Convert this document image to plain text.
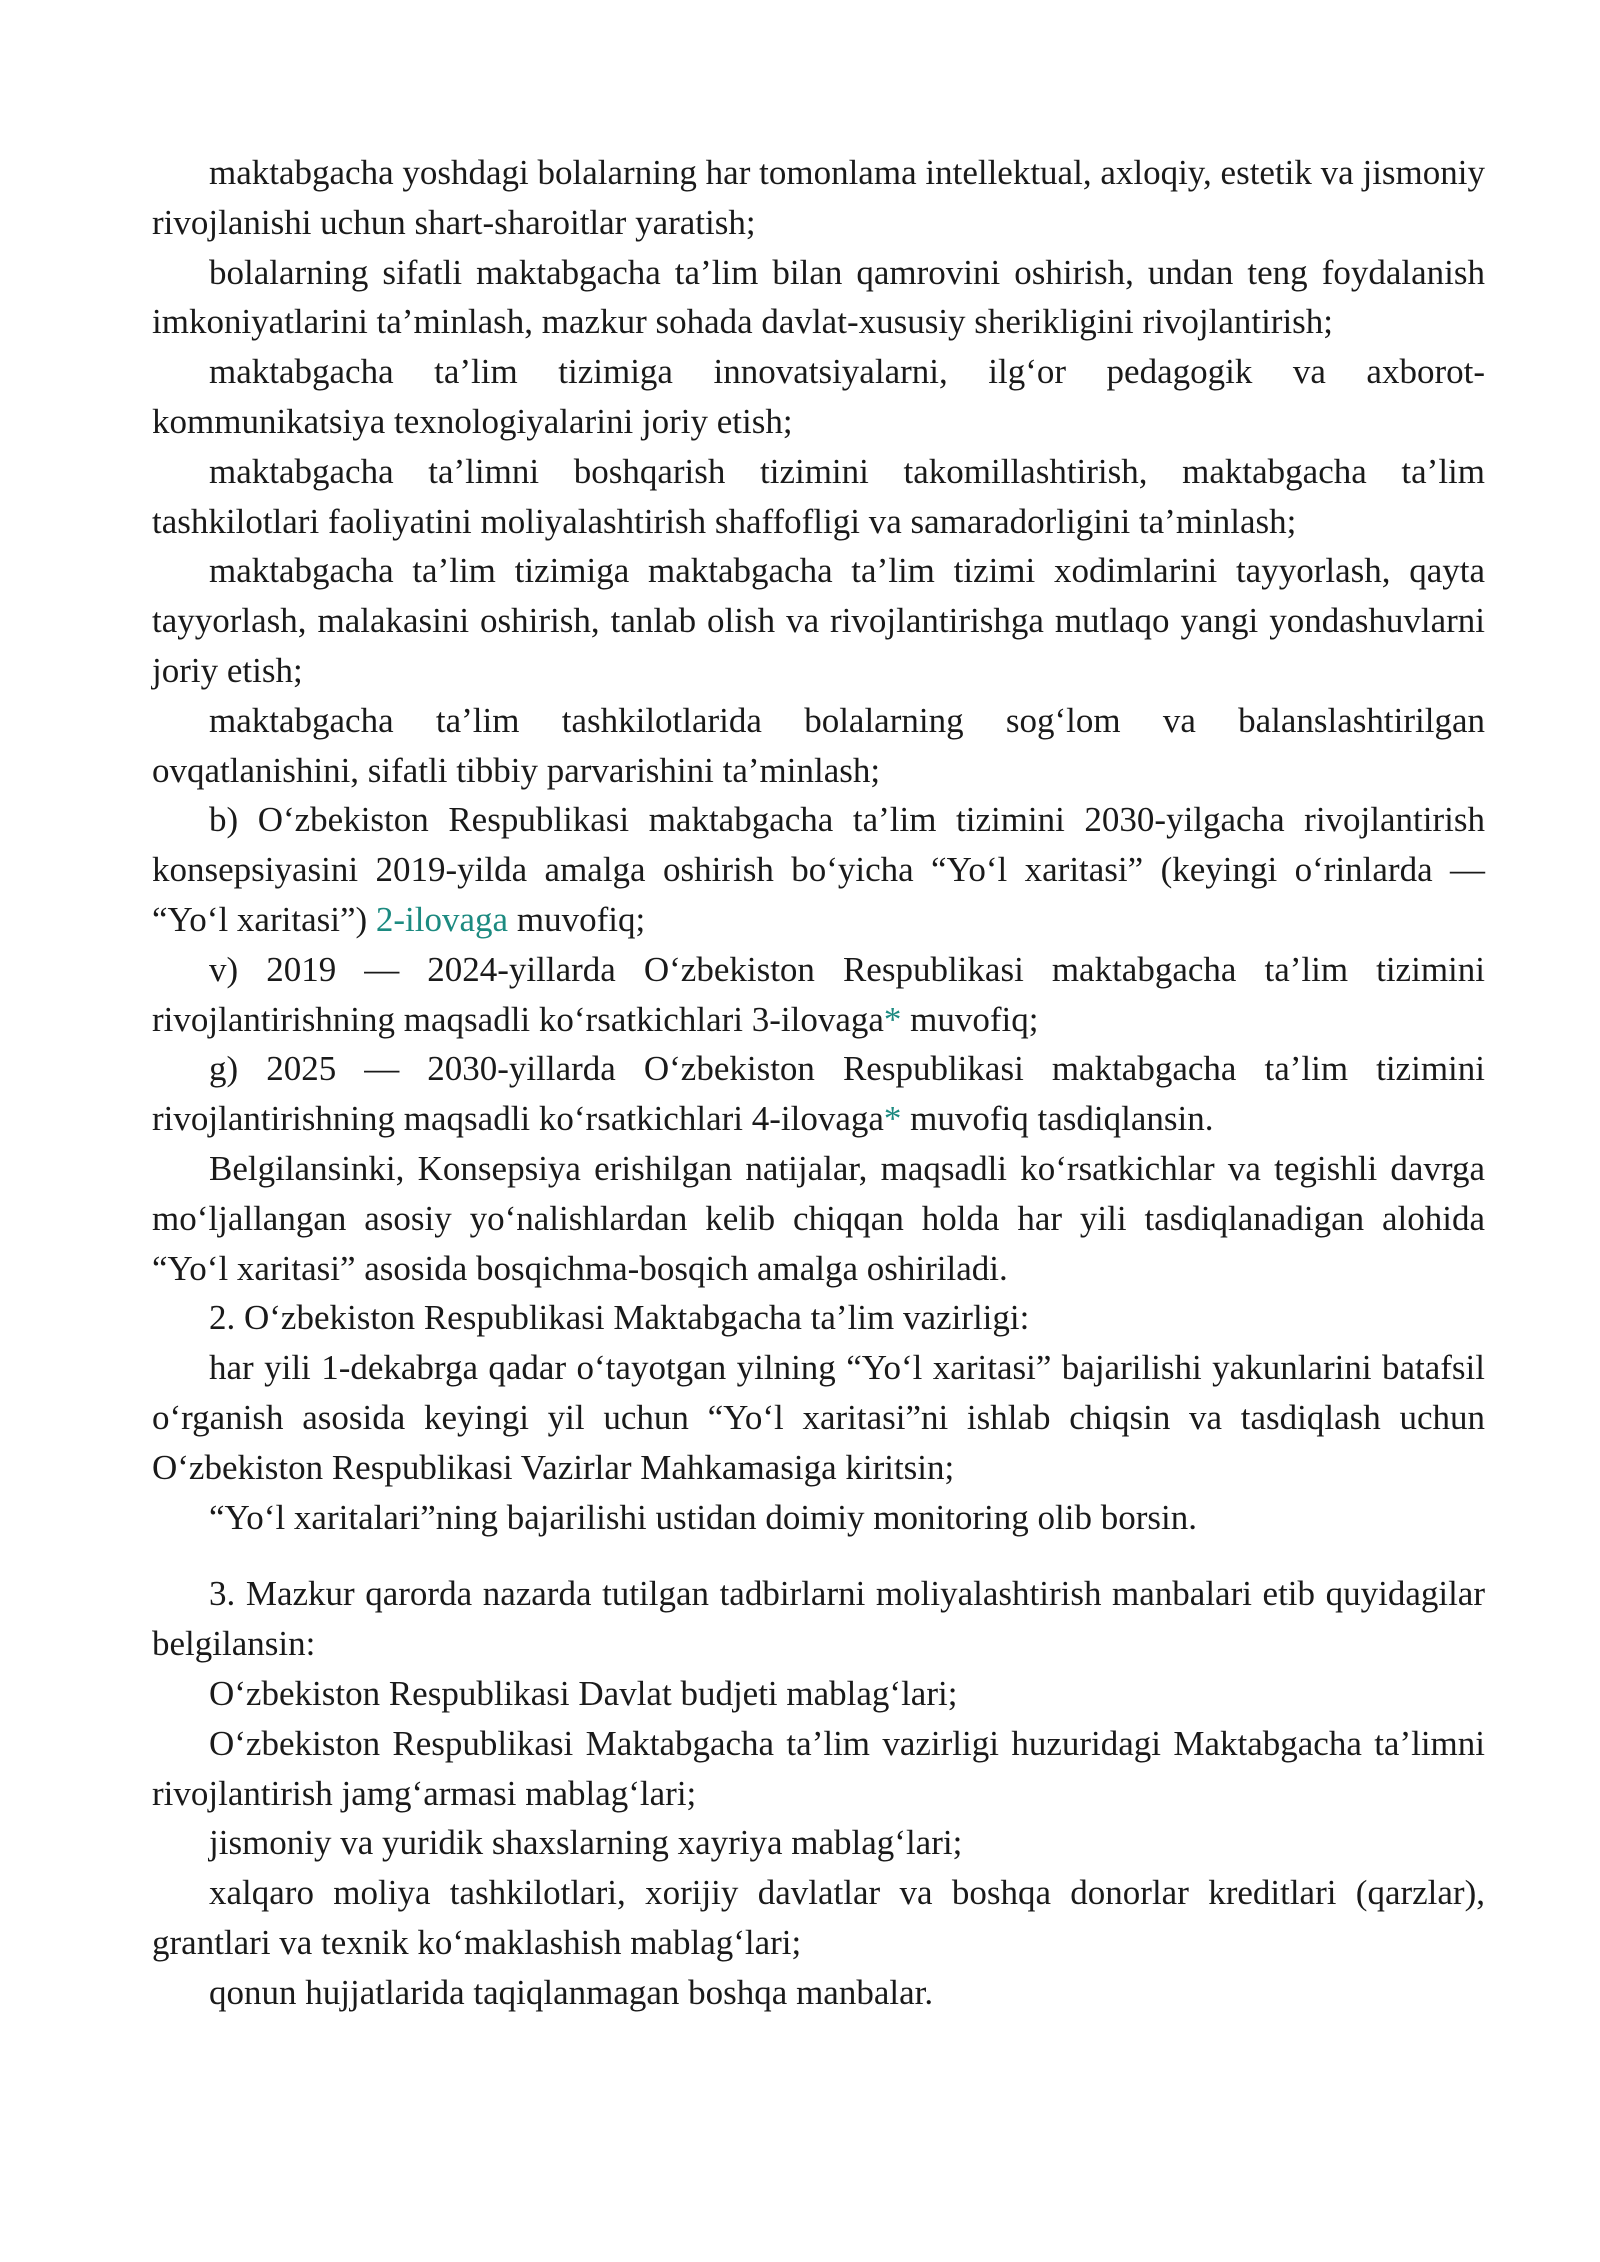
maktabgacha yoshdagi bolalarning har tomonlama intellektual, axloqiy, estetik va jismoniy rivojlanishi uchun shart-sharoitlar yaratish;

bolalarning sifatli maktabgacha ta’lim bilan qamrovini oshirish, undan teng foydalanish imkoniyatlarini ta’minlash, mazkur sohada davlat-xususiy sherikligini rivojlantirish;

maktabgacha ta’lim tizimiga innovatsiyalarni, ilg‘or pedagogik va axborot-kommunikatsiya texnologiyalarini joriy etish;

maktabgacha ta’limni boshqarish tizimini takomillashtirish, maktabgacha ta’lim tashkilotlari faoliyatini moliyalashtirish shaffofligi va samaradorligini ta’minlash;

maktabgacha ta’lim tizimiga maktabgacha ta’lim tizimi xodimlarini tayyorlash, qayta tayyorlash, malakasini oshirish, tanlab olish va rivojlantirishga mutlaqo yangi yondashuvlarni joriy etish;

maktabgacha ta’lim tashkilotlarida bolalarning sog‘lom va balanslashtirilgan ovqatlanishini, sifatli tibbiy parvarishini ta’minlash;

b) O‘zbekiston Respublikasi maktabgacha ta’lim tizimini 2030-yilgacha rivojlantirish konsepsiyasini 2019-yilda amalga oshirish bo‘yicha “Yo‘l xaritasi” (keyingi o‘rinlarda — “Yo‘l xaritasi”) 2-ilovaga muvofiq;

v) 2019 — 2024-yillarda O‘zbekiston Respublikasi maktabgacha ta’lim tizimini rivojlantirishning maqsadli ko‘rsatkichlari 3-ilovaga* muvofiq;

g) 2025 — 2030-yillarda O‘zbekiston Respublikasi maktabgacha ta’lim tizimini rivojlantirishning maqsadli ko‘rsatkichlari 4-ilovaga* muvofiq tasdiqlansin.

Belgilansinki, Konsepsiya erishilgan natijalar, maqsadli ko‘rsatkichlar va tegishli davrga mo‘ljallangan asosiy yo‘nalishlardan kelib chiqqan holda har yili tasdiqlanadigan alohida “Yo‘l xaritasi” asosida bosqichma-bosqich amalga oshiriladi.

2. O‘zbekiston Respublikasi Maktabgacha ta’lim vazirligi:

har yili 1-dekabrga qadar o‘tayotgan yilning “Yo‘l xaritasi” bajarilishi yakunlarini batafsil o‘rganish asosida keyingi yil uchun “Yo‘l xaritasi”ni ishlab chiqsin va tasdiqlash uchun O‘zbekiston Respublikasi Vazirlar Mahkamasiga kiritsin;

“Yo‘l xaritalari”ning bajarilishi ustidan doimiy monitoring olib borsin.

3. Mazkur qarorda nazarda tutilgan tadbirlarni moliyalashtirish manbalari etib quyidagilar belgilansin:

O‘zbekiston Respublikasi Davlat budjeti mablag‘lari;

O‘zbekiston Respublikasi Maktabgacha ta’lim vazirligi huzuridagi Maktabgacha ta’limni rivojlantirish jamg‘armasi mablag‘lari;

jismoniy va yuridik shaxslarning xayriya mablag‘lari;

xalqaro moliya tashkilotlari, xorijiy davlatlar va boshqa donorlar kreditlari (qarzlar), grantlari va texnik ko‘maklashish mablag‘lari;

qonun hujjatlarida taqiqlanmagan boshqa manbalar.
